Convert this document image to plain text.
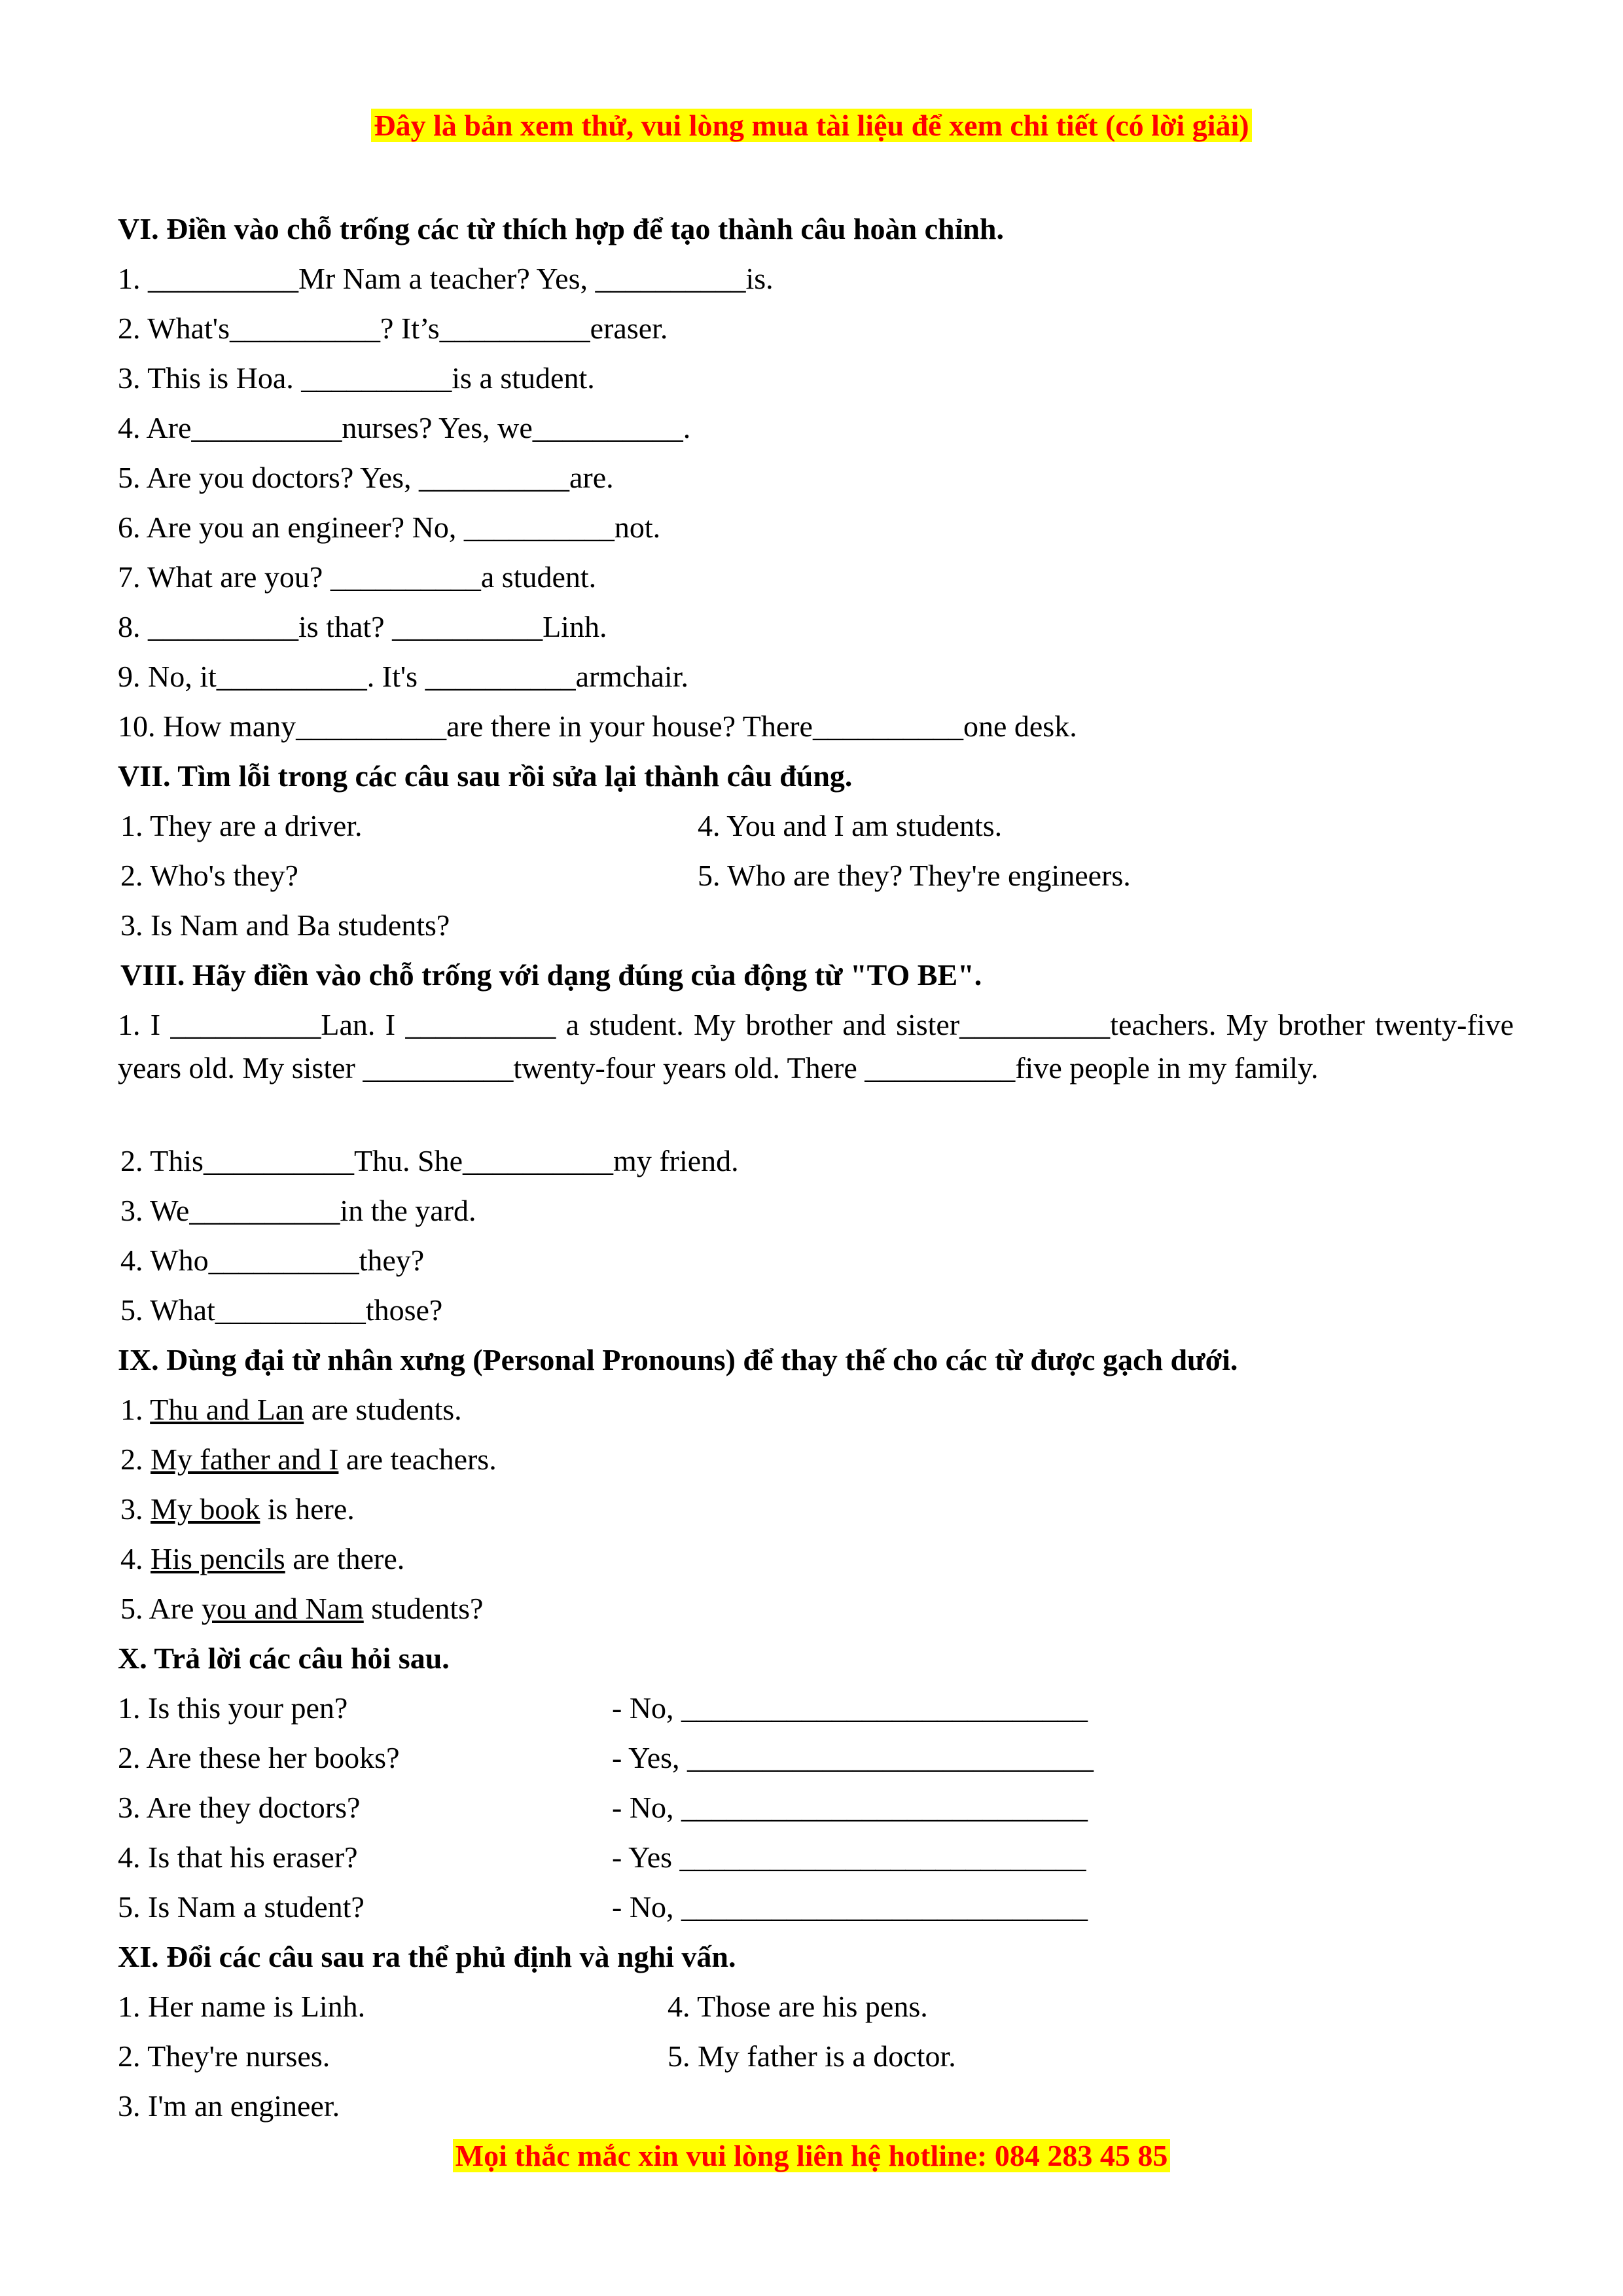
Đây là bản xem thử, vui lòng mua tài liệu để xem chi tiết (có lời giải)
VI. Điền vào chỗ trống các từ thích hợp để tạo thành câu hoàn chỉnh.
1. __________Mr Nam a teacher? Yes, __________is.
2. What's__________? It’s__________eraser.
3. This is Hoa. __________is a student.
4. Are__________nurses? Yes, we__________.
5. Are you doctors? Yes, __________are.
6. Are you an engineer? No, __________not.
7. What are you? __________a student.
8. __________is that? __________Linh.
9. No, it__________. It's __________armchair.
10. How many__________are there in your house? There__________one desk.
VII. Tìm lỗi trong các câu sau rồi sửa lại thành câu đúng.
1. They are a driver.
2. Who's they?
3. Is Nam and Ba students?
4. You and I am students.
5. Who are they? They're engineers.
VIII. Hãy điền vào chỗ trống với dạng đúng của động từ "TO BE".
1. I __________Lan. I __________ a student. My brother and sister__________teachers. My brother twenty-five years old. My sister __________twenty-four years old. There __________five people in my family.
2. This__________Thu. She__________my friend.
3. We__________in the yard.
4. Who__________they?
5. What__________those?
IX. Dùng đại từ nhân xưng (Personal Pronouns) để thay thế cho các từ được gạch dưới.
1. Thu and Lan are students.
2. My father and I are teachers.
3. My book is here.
4. His pencils are there.
5. Are you and Nam students?
X. Trả lời các câu hỏi sau.
1. Is this your pen?	- No, ___________________________
2. Are these her books?	- Yes, ___________________________
3. Are they doctors?	- No, ___________________________
4. Is that his eraser?	- Yes ___________________________
5. Is Nam a student?	- No, ___________________________
XI. Đổi các câu sau ra thể phủ định và nghi vấn.
1. Her name is Linh.
2. They're nurses.
3. I'm an engineer.
4. Those are his pens.
5. My father is a doctor.
Mọi thắc mắc xin vui lòng liên hệ hotline: 084 283 45 85
